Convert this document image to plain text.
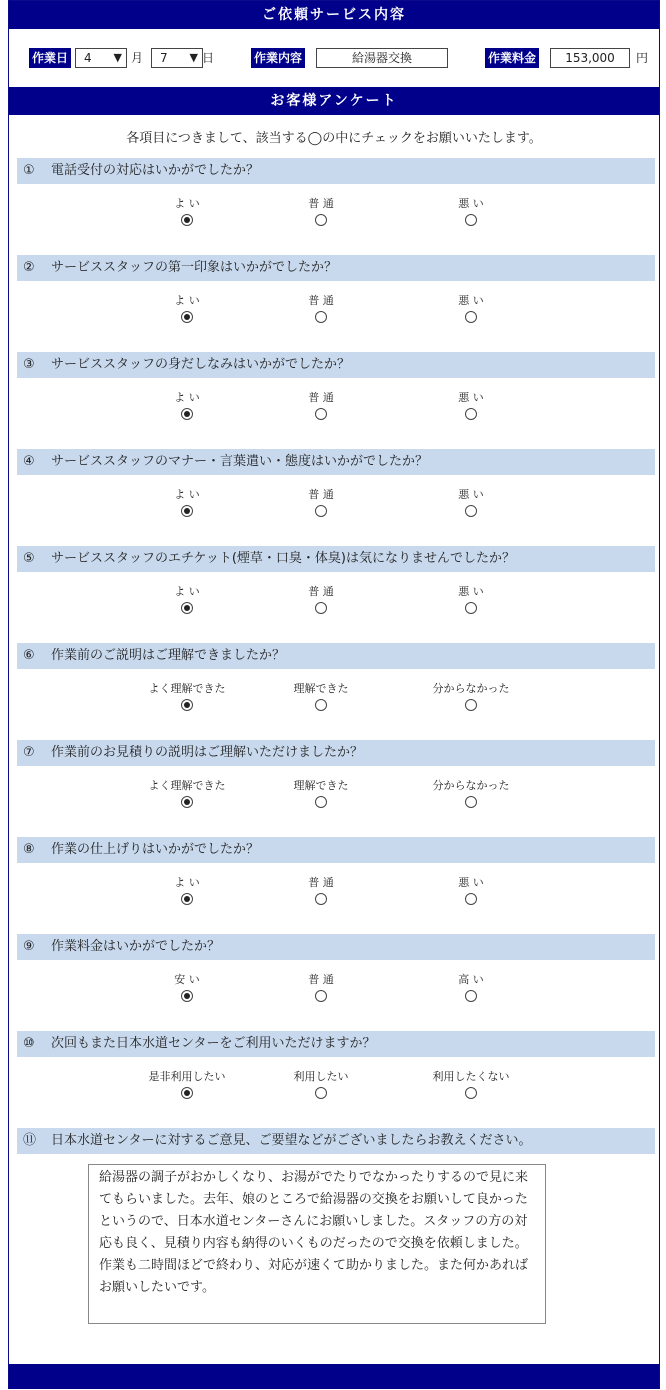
ご依頼サービス内容
作業日 4 ▼ 月 7 ▼ 日	作業内容	給湯器交換	作業料金	153,000	円
お客様アンケート
各項目につきまして、該当する◯の中にチェックをお願いいたします。
① 電話受付の対応はいかがでしたか？
よ い	普 通	悪 い
② サービススタッフの第一印象はいかがでしたか？
よ い	普 通	悪 い
③ サービススタッフの身だしなみはいかがでしたか？
よ い	普 通	悪 い
④ サービススタッフのマナー・言葉遣い・態度はいかがでしたか？
よ い	普 通	悪 い
⑤ サービススタッフのエチケット(煙草・口臭・体臭)は気になりませんでしたか？
よ い	普 通	悪 い
⑥ 作業前のご説明はご理解できましたか？
よく理解できた	理解できた	分からなかった
⑦ 作業前のお見積りの説明はご理解いただけましたか？
よく理解できた	理解できた	分からなかった
⑧ 作業の仕上げりはいかがでしたか？
よ い	普 通	悪 い
⑨ 作業料金はいかがでしたか？
安 い	普 通	高 い
⑩ 次回もまた日本水道センターをご利用いただけますか？
是非利用したい	利用したい	利用したくない
⑪ 日本水道センターに対するご意見、ご要望などがございましたらお教えください。
給湯器の調子がおかしくなり、お湯がでたりでなかったりするので見に来てもらいました。去年、娘のところで給湯器の交換をお願いして良かったというので、日本水道センターさんにお願いしました。スタッフの方の対応も良く、見積り内容も納得のいくものだったので交換を依頼しました。作業も二時間ほどで終わり、対応が速くて助かりました。また何かあればお願いしたいです。
